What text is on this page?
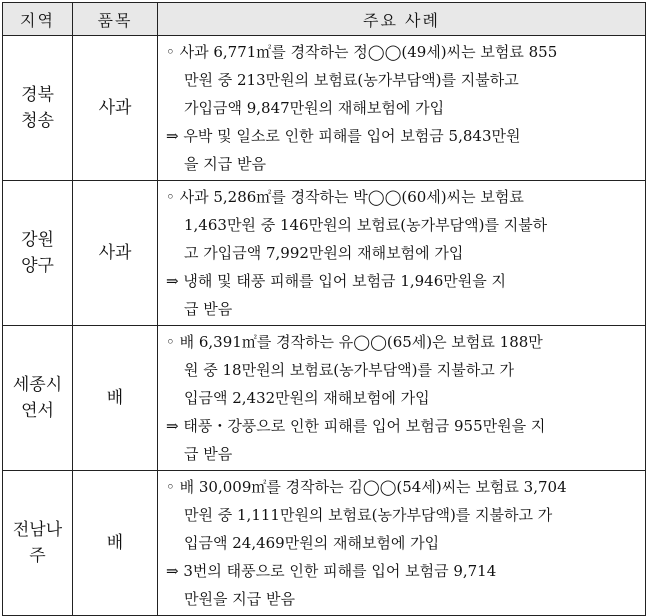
지역	품목	주요 사례

경북
청송	사과	◦ 사과 6,771㎡를 경작하는 정◯◯(49세)씨는 보험료 855
만원 중 213만원의 보험료(농가부담액)를 지불하고
가입금액 9,847만원의 재해보험에 가입
⇒ 우박 및 일소로 인한 피해를 입어 보험금 5,843만원
을 지급 받음

강원
양구	사과	◦ 사과 5,286㎡를 경작하는 박◯◯(60세)씨는 보험료
1,463만원 중 146만원의 보험료(농가부담액)를 지불하
고 가입금액 7,992만원의 재해보험에 가입
⇒ 냉해 및 태풍 피해를 입어 보험금 1,946만원을 지
급 받음

세종시
연서	배	◦ 배 6,391㎡를 경작하는 유◯◯(65세)은 보험료 188만
원 중 18만원의 보험료(농가부담액)를 지불하고 가
입금액 2,432만원의 재해보험에 가입
⇒ 태풍・강풍으로 인한 피해를 입어 보험금 955만원을 지
급 받음

전남나
주	배	◦ 배 30,009㎡를 경작하는 김◯◯(54세)씨는 보험료 3,704
만원 중 1,111만원의 보험료(농가부담액)를 지불하고 가
입금액 24,469만원의 재해보험에 가입
⇒ 3번의 태풍으로 인한 피해를 입어 보험금 9,714
만원을 지급 받음
